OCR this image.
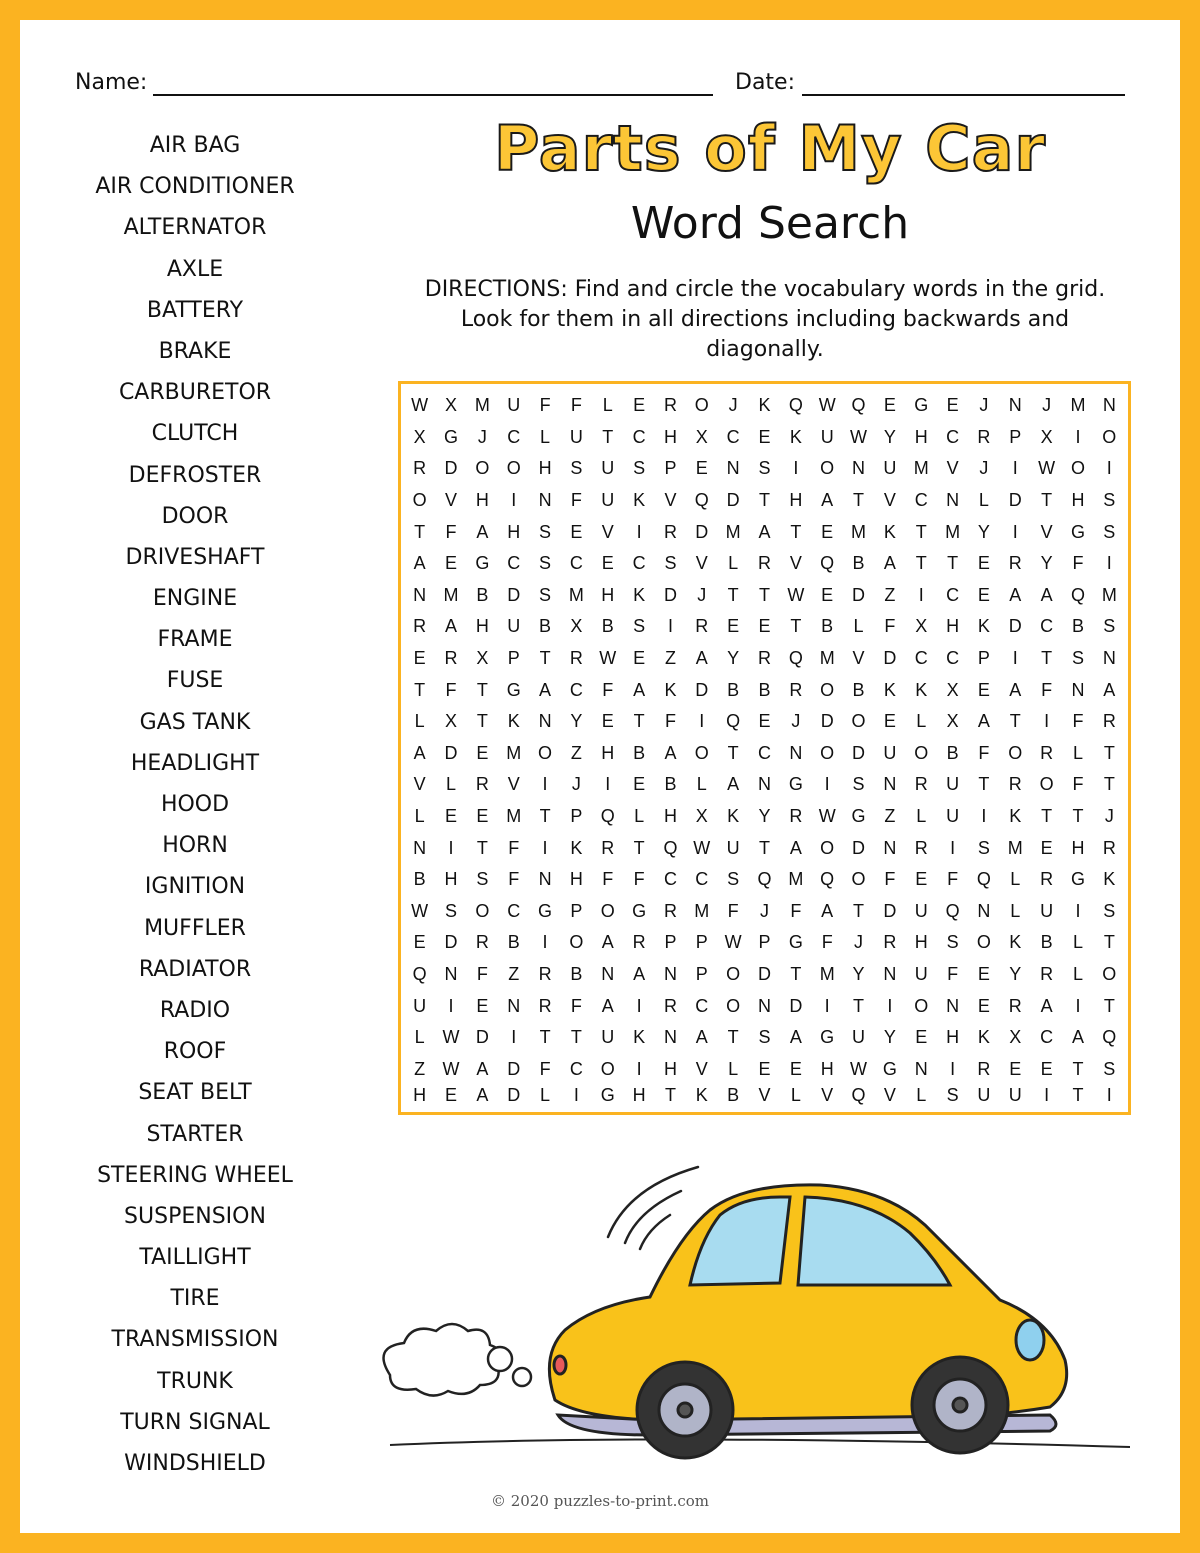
Name:	Date:
AIR BAG
AIR CONDITIONER
ALTERNATOR
AXLE
BATTERY
BRAKE
CARBURETOR
CLUTCH
DEFROSTER
DOOR
DRIVESHAFT
ENGINE
FRAME
FUSE
GAS TANK
HEADLIGHT
HOOD
HORN
IGNITION
MUFFLER
RADIATOR
RADIO
ROOF
SEAT BELT
STARTER
STEERING WHEEL
SUSPENSION
TAILLIGHT
TIRE
TRANSMISSION
TRUNK
TURN SIGNAL
WINDSHIELD
Parts of My Car
Word Search
DIRECTIONS: Find and circle the vocabulary words in the grid. Look for them in all directions including backwards and diagonally.
W X M U	F	F	L	E	R O	J	K	Q W Q	E	G	E	J	N	J	M N
X	G	J	C	L	U	T	C	H	X	C	E	K	U W Y	H	C	R	P	X	I	O
R	D O O H	S	U	S	P	E	N	S	I	O N	U M V	J	I	W O	I
O	V	H	I	N	F	U	K	V	Q D	T	H	A	T	V	C	N	L	D	T	H	S
T	F	A	H	S	E	V	I	R	D M A	T	E M K	T	M Y	I	V	G	S
A	E	G C	S	C	E	C	S	V	L	R	V	Q	B	A	T	T	E	R	Y	F	I
N M B	D	S M H	K	D	J	T	T W E	D	Z	I	C	E	A	A	Q M
R	A	H	U	B	X	B	S	I	R	E	E	T	B	L	F	X	H	K	D	C	B	S
E	R	X	P	T	R W E	Z	A	Y	R Q M V	D	C	C	P	I	T	S	N
T	F	T	G	A	C	F	A	K	D	B	B	R O	B	K	K	X	E	A	F	N	A
L	X	T	K	N	Y	E	T	F	I	Q	E	J	D O	E	L	X	A	T	I	F	R
A	D	E M O	Z	H	B	A	O	T	C	N O D	U O	B	F	O R	L	T
V	L	R	V	I	J	I	E	B	L	A	N G	I	S	N	R	U	T	R O	F	T
L	E	E M	T	P	Q	L	H	X	K	Y	R W G	Z	L	U	I	K	T	T	J
N	I	T	F	I	K	R	T	Q W U	T	A	O D	N	R	I	S M E	H	R
B	H	S	F	N	H	F	F	C	C	S	Q M Q O	F	E	F	Q	L	R G	K
W S	O C G	P	O G R M	F	J	F	A	T	D	U Q N	L	U	I	S
E	D	R	B	I	O	A	R	P	P W P	G	F	J	R	H	S	O	K	B	L	T
Q N	F	Z	R	B	N	A	N	P	O D	T	M Y	N	U	F	E	Y	R	L	O
U	I	E	N	R	F	A	I	R	C O N	D	I	T	I	O N	E	R	A	I	T
L W D	I	T	T	U	K	N	A	T	S	A	G U	Y	E	H	K	X	C	A	Q
Z W A	D	F	C O	I	H	V	L	E	E	H W G N	I	R	E	E	T	S
H	E	A	D	L	I	G H	T	K	B	V	L	V	Q	V	L	S	U	U	I	T	I
© 2020 puzzles-to-print.com
